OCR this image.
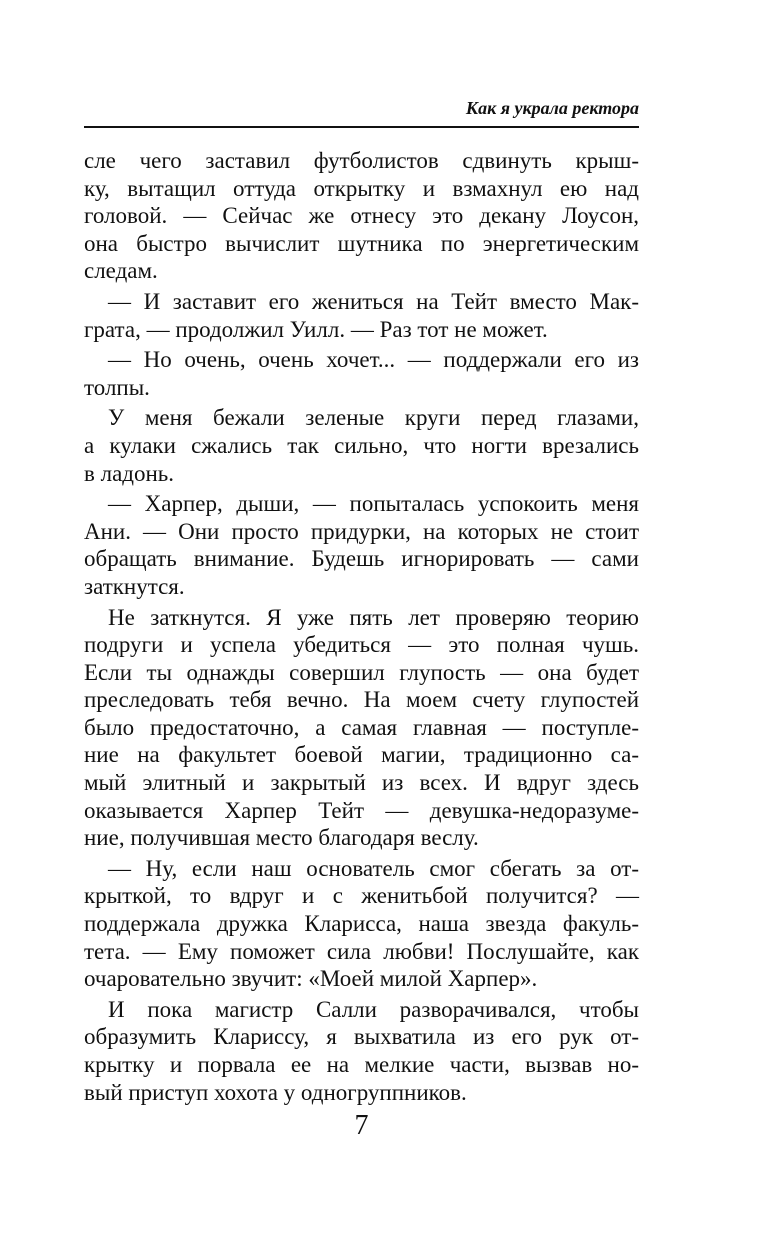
Как я украла ректора
сле чего заставил футболистов сдвинуть крыш-
ку, вытащил оттуда открытку и взмахнул ею над
головой. — Сейчас же отнесу это декану Лоусон,
она быстро вычислит шутника по энергетическим
следам.
— И заставит его жениться на Тейт вместо Мак-
грата, — продолжил Уилл. — Раз тот не может.
— Но очень, очень хочет... — поддержали его из
толпы.
У меня бежали зеленые круги перед глазами,
а кулаки сжались так сильно, что ногти врезались
в ладонь.
— Харпер, дыши, — попыталась успокоить меня
Ани. — Они просто придурки, на которых не стоит
обращать внимание. Будешь игнорировать — сами
заткнутся.
Не заткнутся. Я уже пять лет проверяю теорию
подруги и успела убедиться — это полная чушь.
Если ты однажды совершил глупость — она будет
преследовать тебя вечно. На моем счету глупостей
было предостаточно, а самая главная — поступле-
ние на факультет боевой магии, традиционно са-
мый элитный и закрытый из всех. И вдруг здесь
оказывается Харпер Тейт — девушка-недоразуме-
ние, получившая место благодаря веслу.
— Ну, если наш основатель смог сбегать за от-
крыткой, то вдруг и с женитьбой получится? —
поддержала дружка Кларисса, наша звезда факуль-
тета. — Ему поможет сила любви! Послушайте, как
очаровательно звучит: «Моей милой Харпер».
И пока магистр Салли разворачивался, чтобы
образумить Клариссу, я выхватила из его рук от-
крытку и порвала ее на мелкие части, вызвав но-
вый приступ хохота у одногруппников.
7
